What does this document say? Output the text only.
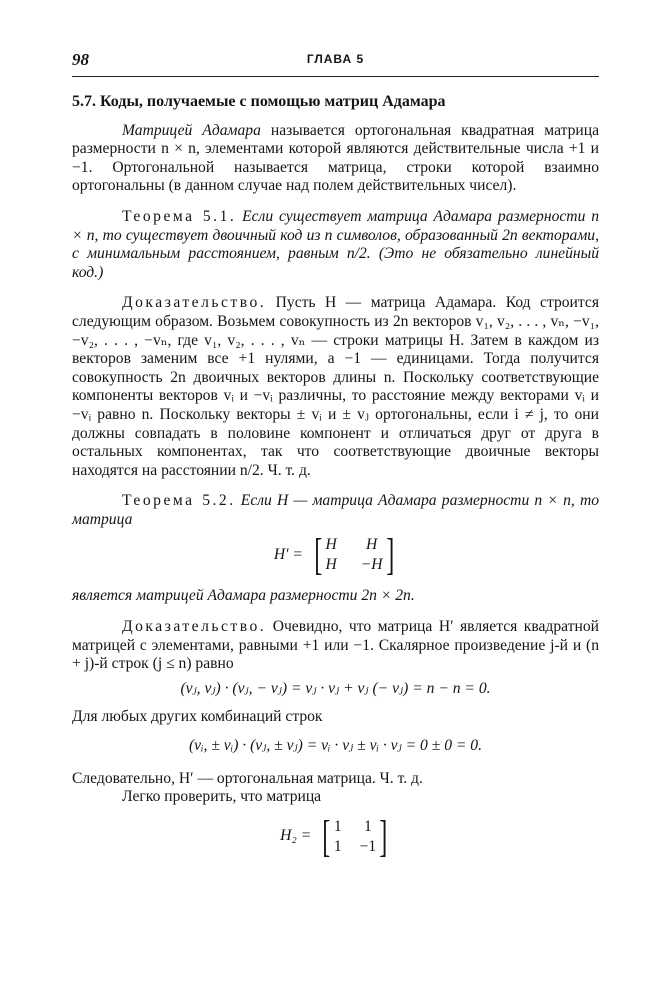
98	ГЛАВА 5

5.7. Коды, получаемые с помощью матриц Адамара

Матрицей Адамара называется ортогональная квадратная матрица размерности n × n, элементами которой являются действительные числа +1 и −1. Ортогональной называется матрица, строки которой взаимно ортогональны (в данном случае над полем действительных чисел).

Теорема 5.1. Если существует матрица Адамара размерности n × n, то существует двоичный код из n символов, образованный 2n векторами, с минимальным расстоянием, равным n/2. (Это не обязательно линейный код.)

Доказательство. Пусть H — матрица Адамара. Код строится следующим образом. Возьмем совокупность из 2n векторов v₁, v₂, . . . , vₙ, −v₁, −v₂, . . . , −vₙ, где v₁, v₂, . . . , vₙ — строки матрицы H. Затем в каждом из векторов заменим все +1 нулями, а −1 — единицами. Тогда получится совокупность 2n двоичных векторов длины n. Поскольку соответствующие компоненты векторов vᵢ и −vᵢ различны, то расстояние между векторами vᵢ и −vᵢ равно n. Поскольку векторы ± vᵢ и ± vⱼ ортогональны, если i ≠ j, то они должны совпадать в половине компонент и отличаться друг от друга в остальных компонентах, так что соответствующие двоичные векторы находятся на расстоянии n/2. Ч. т. д.

Теорема 5.2. Если H — матрица Адамара размерности n × n, то матрица

H′ = [ H	H
H −H ]

является матрицей Адамара размерности 2n × 2n.

Доказательство. Очевидно, что матрица H′ является квадратной матрицей с элементами, равными +1 или −1. Скалярное произведение j-й и (n + j)-й строк (j ≤ n) равно

(vⱼ, vⱼ) · (vⱼ, − vⱼ) = vⱼ · vⱼ + vⱼ (− vⱼ) = n − n = 0.

Для любых других комбинаций строк

(vᵢ, ± vᵢ) · (vⱼ, ± vⱼ) = vᵢ · vⱼ ± vᵢ · vⱼ = 0 ± 0 = 0.

Следовательно, H′ — ортогональная матрица. Ч. т. д.

Легко проверить, что матрица

H₂ = [ 1 1
1 −1 ]
